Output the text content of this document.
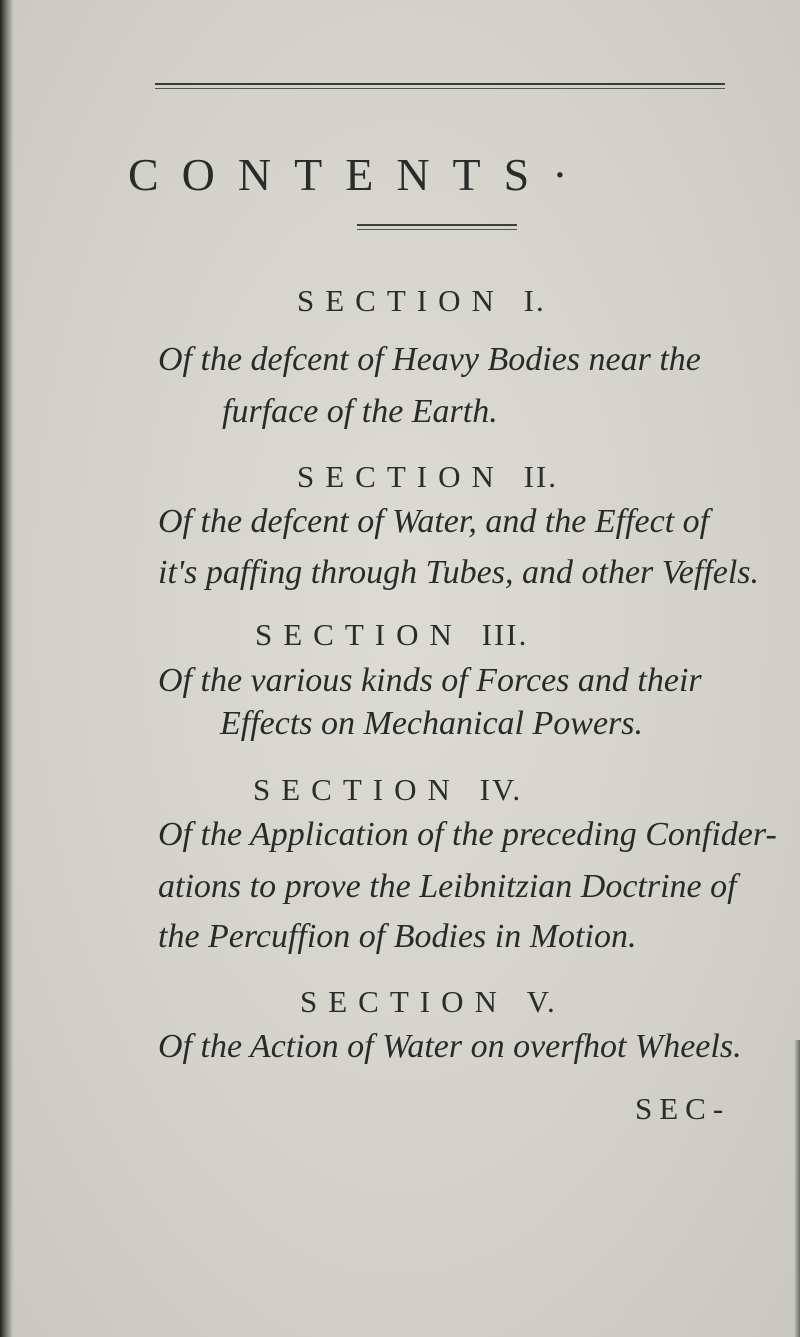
CONTENTS·
SECTION I.
Of the defcent of Heavy Bodies near the
furface of the Earth.
SECTION II.
Of the defcent of Water, and the Effect of
it's paffing through Tubes, and other Veffels.
SECTION III.
Of the various kinds of Forces and their
Effects on Mechanical Powers.
SECTION IV.
Of the Application of the preceding Confider-
ations to prove the Leibnitzian Doctrine of
the Percuffion of Bodies in Motion.
SECTION V.
Of the Action of Water on overfhot Wheels.
SEC-
